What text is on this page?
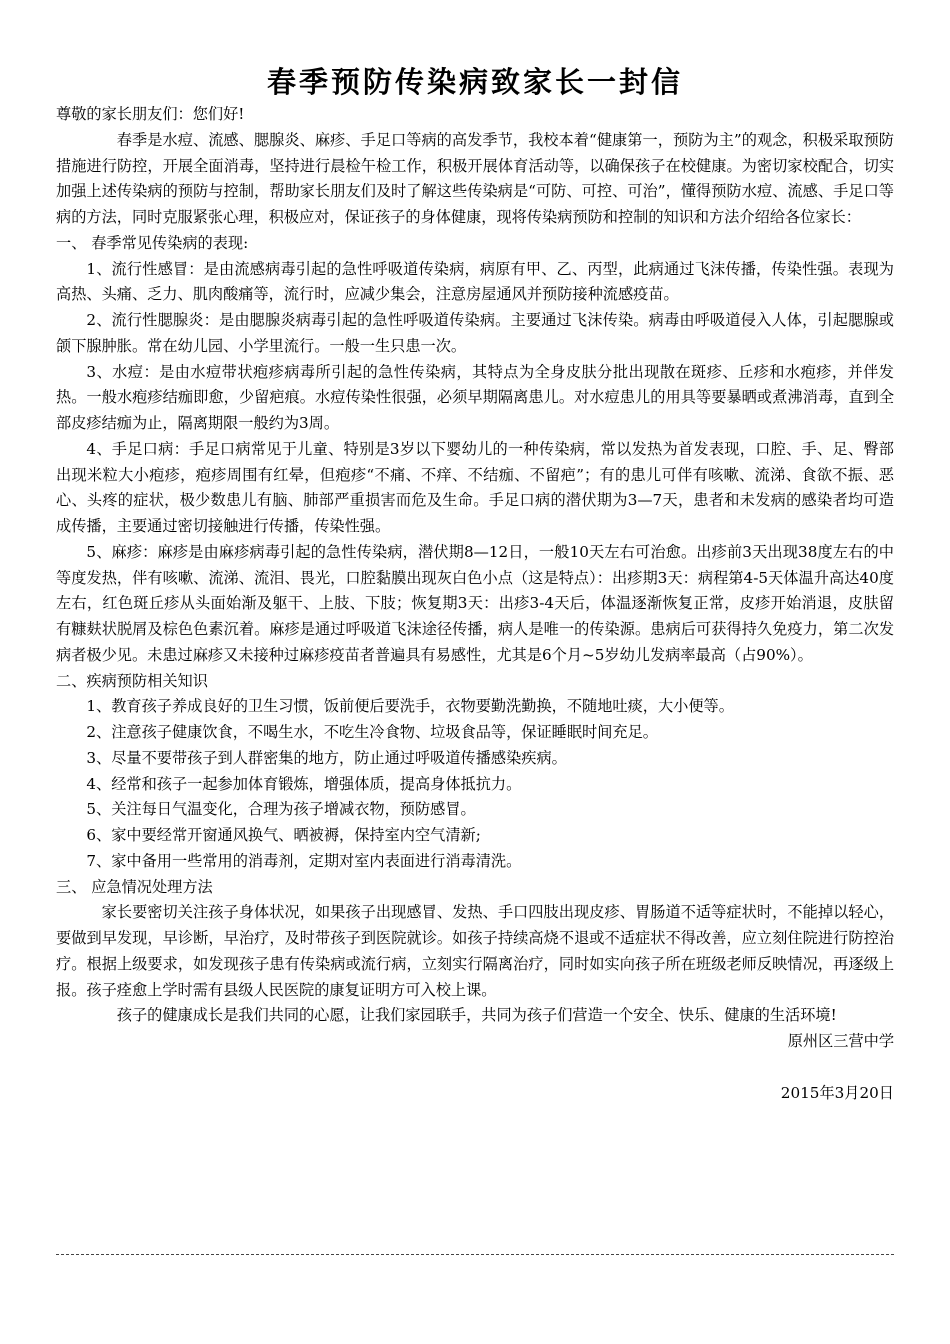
春季预防传染病致家长一封信

尊敬的家长朋友们：您们好!

春季是水痘、流感、腮腺炎、麻疹、手足口等病的高发季节，我校本着“健康第一，预防为主”的观念，积极采取预防措施进行防控，开展全面消毒，坚持进行晨检午检工作，积极开展体育活动等，以确保孩子在校健康。为密切家校配合，切实加强上述传染病的预防与控制，帮助家长朋友们及时了解这些传染病是“可防、可控、可治”，懂得预防水痘、流感、手足口等病的方法，同时克服紧张心理，积极应对，保证孩子的身体健康，现将传染病预防和控制的知识和方法介绍给各位家长：

一、 春季常见传染病的表现:

1、流行性感冒：是由流感病毒引起的急性呼吸道传染病，病原有甲、乙、丙型，此病通过飞沫传播，传染性强。表现为高热、头痛、乏力、肌肉酸痛等，流行时，应减少集会，注意房屋通风并预防接种流感疫苗。

2、流行性腮腺炎：是由腮腺炎病毒引起的急性呼吸道传染病。主要通过飞沫传染。病毒由呼吸道侵入人体，引起腮腺或颌下腺肿胀。常在幼儿园、小学里流行。一般一生只患一次。

3、水痘：是由水痘带状疱疹病毒所引起的急性传染病，其特点为全身皮肤分批出现散在斑疹、丘疹和水疱疹，并伴发热。一般水疱疹结痂即愈，少留疤痕。水痘传染性很强，必须早期隔离患儿。对水痘患儿的用具等要暴晒或煮沸消毒，直到全部皮疹结痂为止，隔离期限一般约为3周。

4、手足口病：手足口病常见于儿童、特别是3岁以下婴幼儿的一种传染病，常以发热为首发表现，口腔、手、足、臀部出现米粒大小疱疹，疱疹周围有红晕，但疱疹“不痛、不痒、不结痂、不留疤”；有的患儿可伴有咳嗽、流涕、食欲不振、恶心、头疼的症状，极少数患儿有脑、肺部严重损害而危及生命。手足口病的潜伏期为3—7天，患者和未发病的感染者均可造成传播，主要通过密切接触进行传播，传染性强。

5、麻疹：麻疹是由麻疹病毒引起的急性传染病，潜伏期8—12日，一般10天左右可治愈。出疹前3天出现38度左右的中等度发热，伴有咳嗽、流涕、流泪、畏光，口腔黏膜出现灰白色小点（这是特点）：出疹期3天：病程第4-5天体温升高达40度左右，红色斑丘疹从头面始渐及躯干、上肢、下肢；恢复期3天：出疹3-4天后，体温逐渐恢复正常，皮疹开始消退，皮肤留有糠麸状脱屑及棕色色素沉着。麻疹是通过呼吸道飞沫途径传播，病人是唯一的传染源。患病后可获得持久免疫力，第二次发病者极少见。未患过麻疹又未接种过麻疹疫苗者普遍具有易感性，尤其是6个月~5岁幼儿发病率最高（占90%）。

二、疾病预防相关知识

1、教育孩子养成良好的卫生习惯，饭前便后要洗手，衣物要勤洗勤换，不随地吐痰，大小便等。

2、注意孩子健康饮食，不喝生水，不吃生冷食物、垃圾食品等，保证睡眠时间充足。

3、尽量不要带孩子到人群密集的地方，防止通过呼吸道传播感染疾病。

4、经常和孩子一起参加体育锻炼，增强体质，提高身体抵抗力。

5、关注每日气温变化，合理为孩子增减衣物，预防感冒。

6、家中要经常开窗通风换气、晒被褥，保持室内空气清新;

7、家中备用一些常用的消毒剂，定期对室内表面进行消毒清洗。

三、 应急情况处理方法

家长要密切关注孩子身体状况，如果孩子出现感冒、发热、手口四肢出现皮疹、胃肠道不适等症状时，不能掉以轻心，要做到早发现，早诊断，早治疗，及时带孩子到医院就诊。如孩子持续高烧不退或不适症状不得改善，应立刻住院进行防控治疗。根据上级要求，如发现孩子患有传染病或流行病，立刻实行隔离治疗，同时如实向孩子所在班级老师反映情况，再逐级上报。孩子痊愈上学时需有县级人民医院的康复证明方可入校上课。

孩子的健康成长是我们共同的心愿，让我们家园联手，共同为孩子们营造一个安全、快乐、健康的生活环境!

原州区三营中学

2015年3月20日
